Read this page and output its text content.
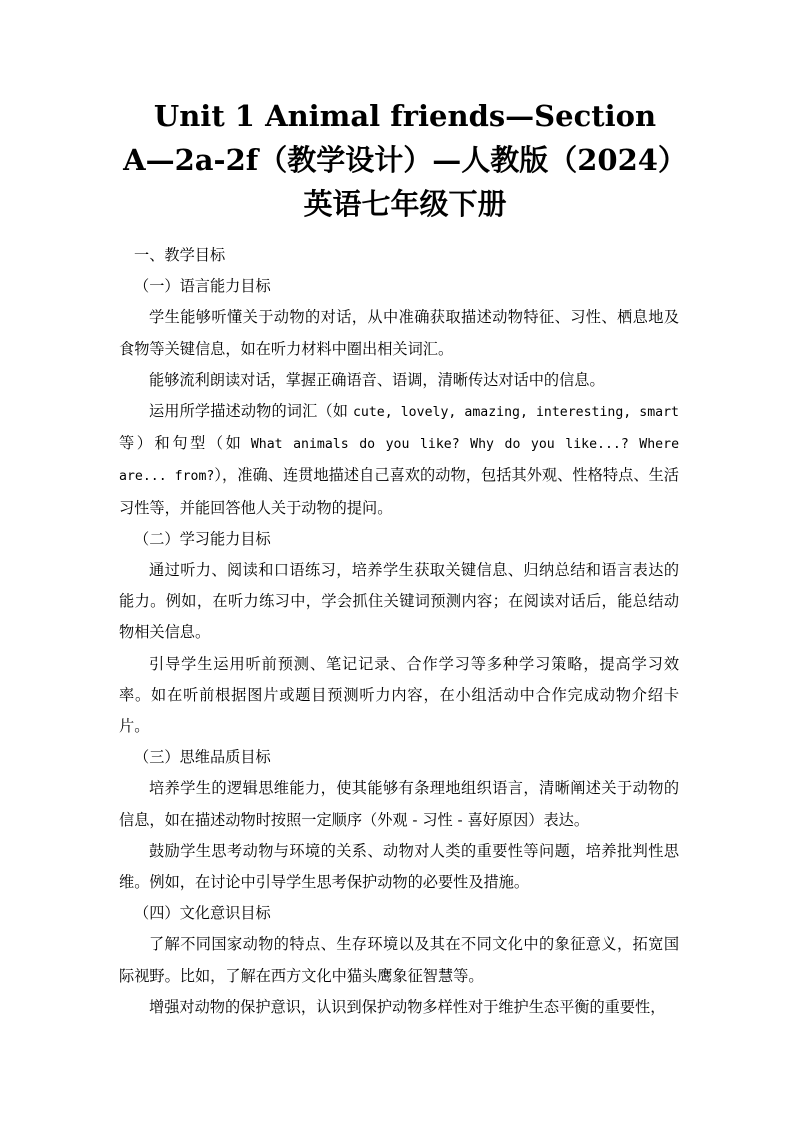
Unit 1 Animal friends—Section
A—2a-2f（教学设计）—人教版（2024）
英语七年级下册

一、教学目标

（一）语言能力目标

学生能够听懂关于动物的对话，从中准确获取描述动物特征、习性、栖息地及食物等关键信息，如在听力材料中圈出相关词汇。

能够流利朗读对话，掌握正确语音、语调，清晰传达对话中的信息。

运用所学描述动物的词汇（如 cute, lovely, amazing, interesting, smart 等）和句型（如 What animals do you like? Why do you like...? Where are... from?），准确、连贯地描述自己喜欢的动物，包括其外观、性格特点、生活习性等，并能回答他人关于动物的提问。

（二）学习能力目标

通过听力、阅读和口语练习，培养学生获取关键信息、归纳总结和语言表达的能力。例如，在听力练习中，学会抓住关键词预测内容；在阅读对话后，能总结动物相关信息。

引导学生运用听前预测、笔记记录、合作学习等多种学习策略，提高学习效率。如在听前根据图片或题目预测听力内容，在小组活动中合作完成动物介绍卡片。

（三）思维品质目标

培养学生的逻辑思维能力，使其能够有条理地组织语言，清晰阐述关于动物的信息，如在描述动物时按照一定顺序（外观 - 习性 - 喜好原因）表达。

鼓励学生思考动物与环境的关系、动物对人类的重要性等问题，培养批判性思维。例如，在讨论中引导学生思考保护动物的必要性及措施。

（四）文化意识目标

了解不同国家动物的特点、生存环境以及其在不同文化中的象征意义，拓宽国际视野。比如，了解在西方文化中猫头鹰象征智慧等。

增强对动物的保护意识，认识到保护动物多样性对于维护生态平衡的重要性，
